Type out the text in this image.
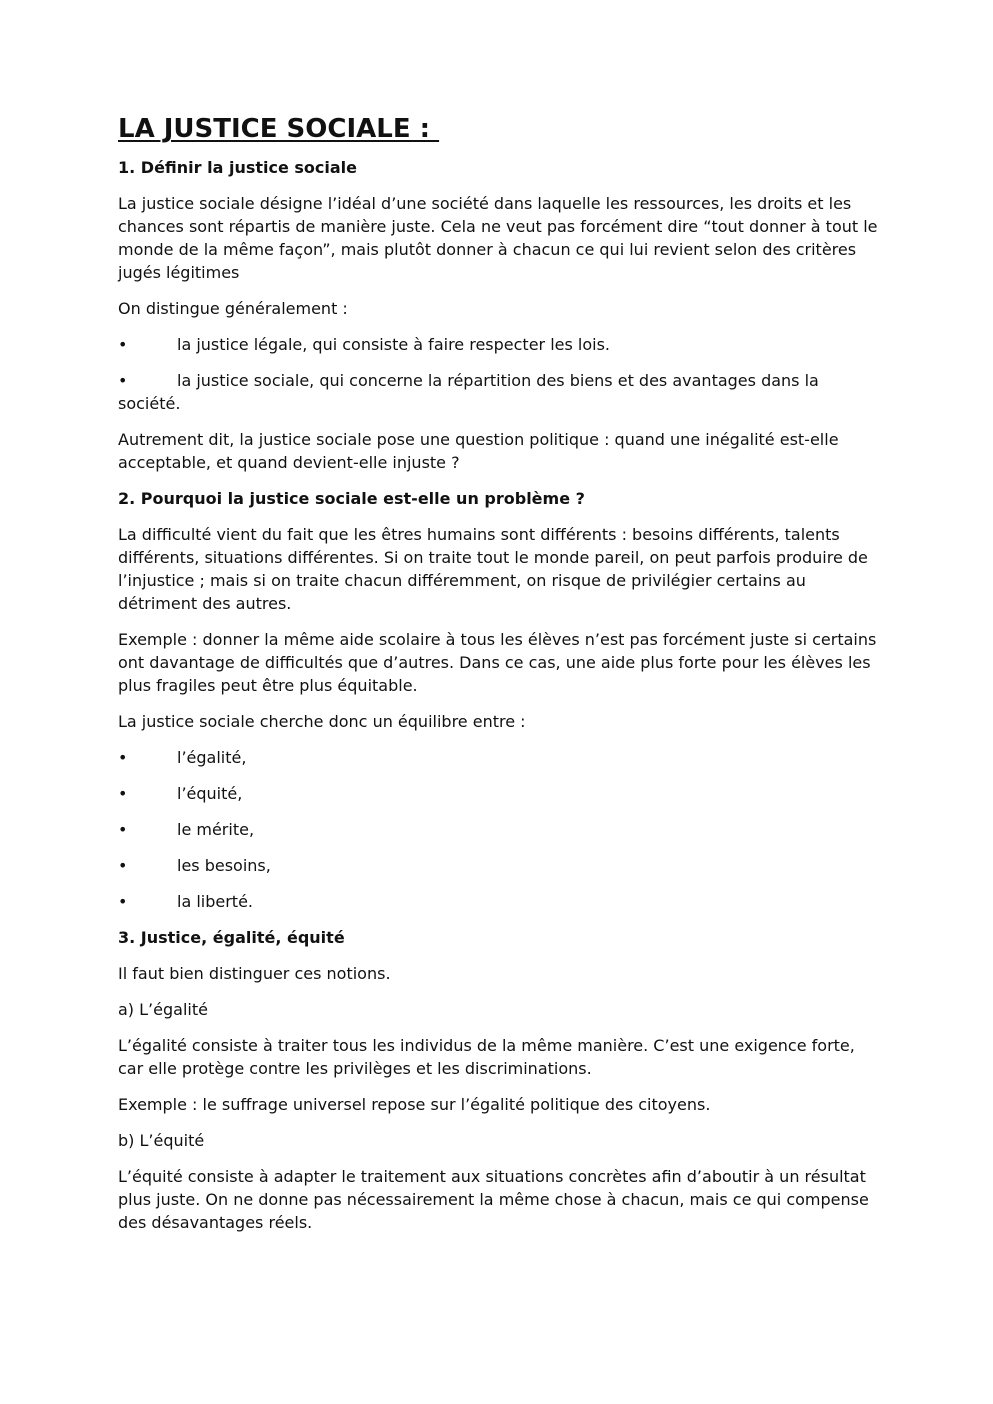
LA JUSTICE SOCIALE :
1. Définir la justice sociale

La justice sociale désigne l’idéal d’une société dans laquelle les ressources, les droits et les chances sont répartis de manière juste. Cela ne veut pas forcément dire “tout donner à tout le monde de la même façon”, mais plutôt donner à chacun ce qui lui revient selon des critères jugés légitimes

On distingue généralement :

•	la justice légale, qui consiste à faire respecter les lois.
•	la justice sociale, qui concerne la répartition des biens et des avantages dans la société.

Autrement dit, la justice sociale pose une question politique : quand une inégalité est-elle acceptable, et quand devient-elle injuste ?

2. Pourquoi la justice sociale est-elle un problème ?

La difficulté vient du fait que les êtres humains sont différents : besoins différents, talents différents, situations différentes. Si on traite tout le monde pareil, on peut parfois produire de l’injustice ; mais si on traite chacun différemment, on risque de privilégier certains au détriment des autres.

Exemple : donner la même aide scolaire à tous les élèves n’est pas forcément juste si certains ont davantage de difficultés que d’autres. Dans ce cas, une aide plus forte pour les élèves les plus fragiles peut être plus équitable.

La justice sociale cherche donc un équilibre entre :

•	l’égalité,
•	l’équité,
•	le mérite,
•	les besoins,
•	la liberté.
3. Justice, égalité, équité

Il faut bien distinguer ces notions.

a) L’égalité

L’égalité consiste à traiter tous les individus de la même manière. C’est une exigence forte, car elle protège contre les privilèges et les discriminations.

Exemple : le suffrage universel repose sur l’égalité politique des citoyens.

b) L’équité

L’équité consiste à adapter le traitement aux situations concrètes afin d’aboutir à un résultat plus juste. On ne donne pas nécessairement la même chose à chacun, mais ce qui compense des désavantages réels.
